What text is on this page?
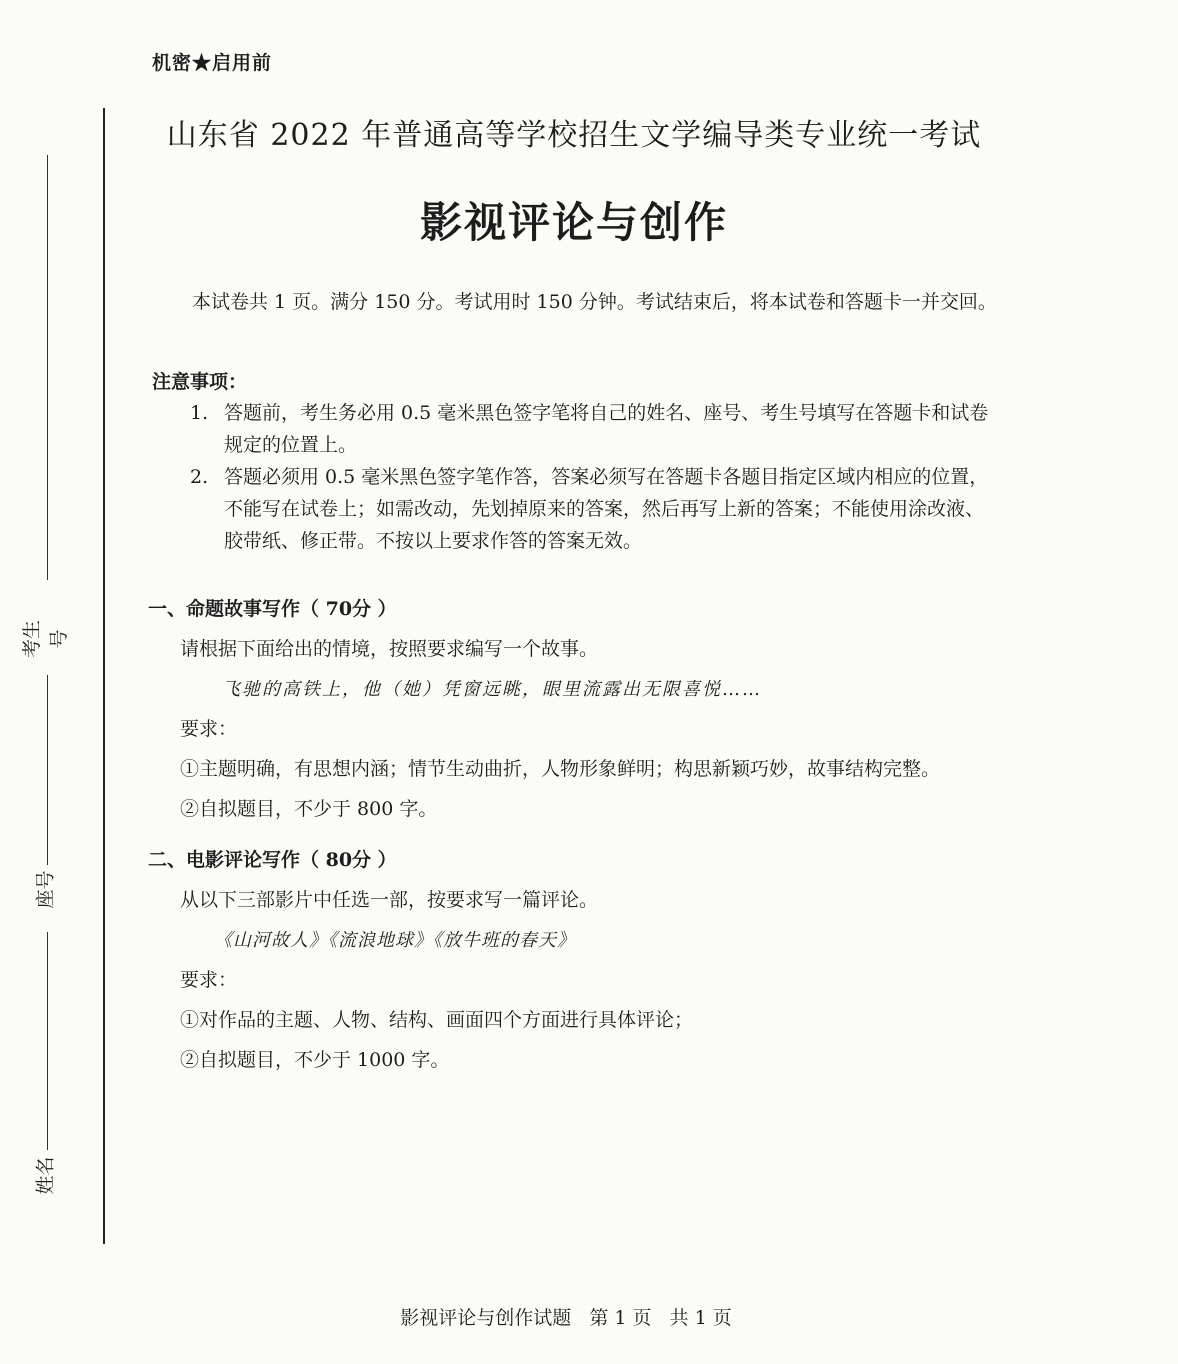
考生号
座号
姓名
机密★启用前
山东省 2022 年普通高等学校招生文学编导类专业统一考试
影视评论与创作
本试卷共 1 页。满分 150 分。考试用时 150 分钟。考试结束后，将本试卷和答题卡一并交回。
注意事项：
1. 答题前，考生务必用 0.5 毫米黑色签字笔将自己的姓名、座号、考生号填写在答题卡和试卷规定的位置上。
2. 答题必须用 0.5 毫米黑色签字笔作答，答案必须写在答题卡各题目指定区域内相应的位置，不能写在试卷上；如需改动，先划掉原来的答案，然后再写上新的答案；不能使用涂改液、胶带纸、修正带。不按以上要求作答的答案无效。
一、命题故事写作（ 70分 ）
请根据下面给出的情境，按照要求编写一个故事。
飞驰的高铁上，他（她）凭窗远眺，眼里流露出无限喜悦……
要求：
①主题明确，有思想内涵；情节生动曲折，人物形象鲜明；构思新颖巧妙，故事结构完整。
②自拟题目，不少于 800 字。
二、电影评论写作（ 80分 ）
从以下三部影片中任选一部，按要求写一篇评论。
《山河故人》《流浪地球》《放牛班的春天》
要求：
①对作品的主题、人物、结构、画面四个方面进行具体评论；
②自拟题目，不少于 1000 字。
影视评论与创作试题 第 1 页 共 1 页
